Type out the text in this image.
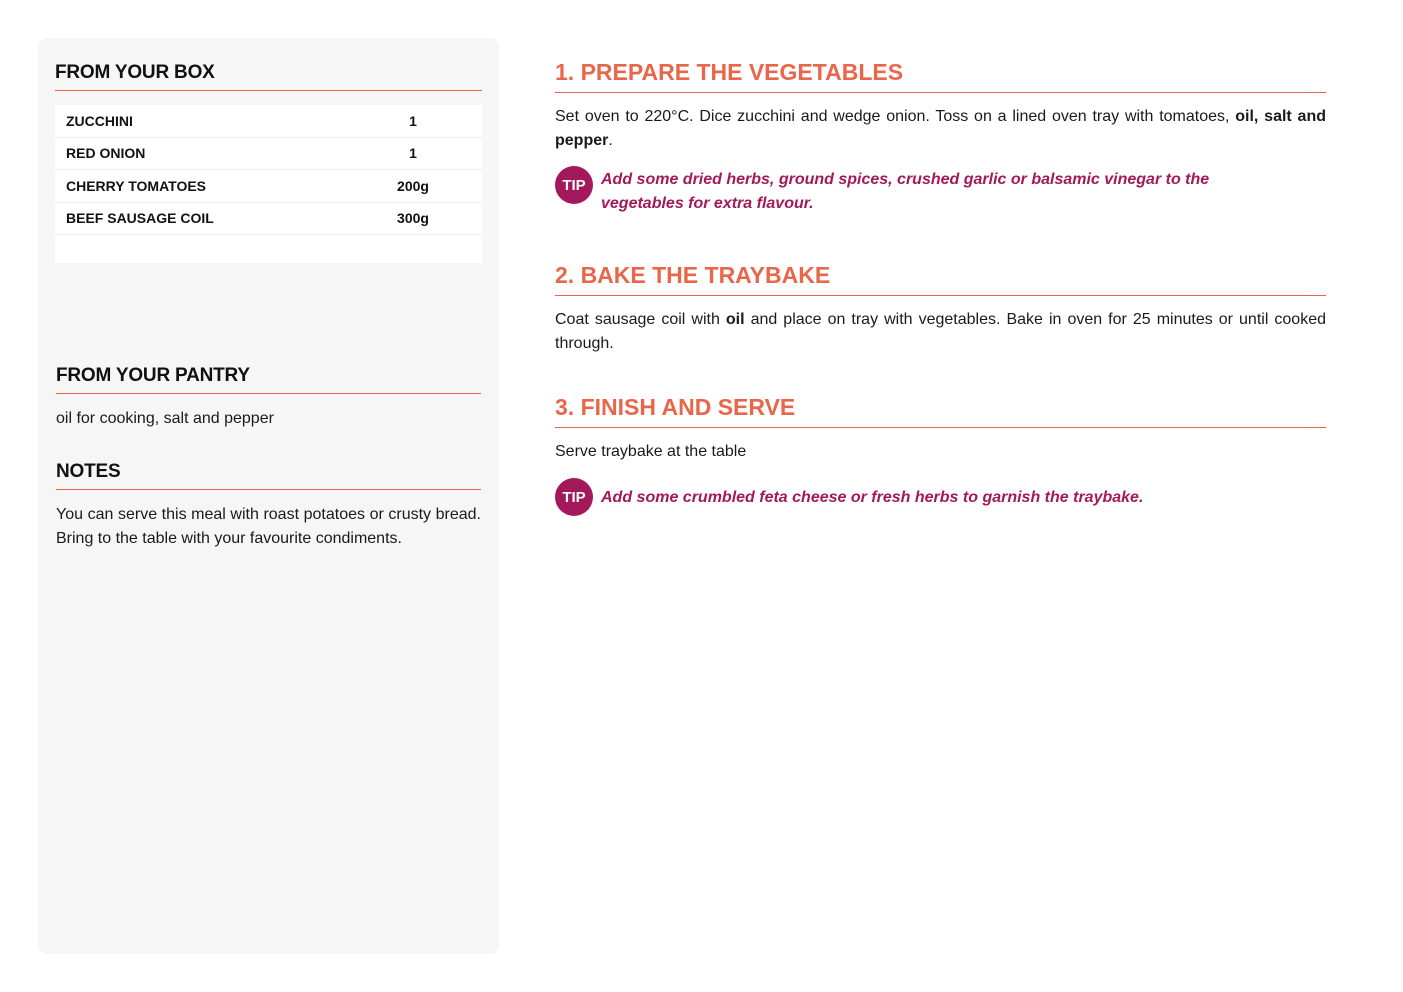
FROM YOUR BOX
ZUCCHINI	1
RED ONION	1
CHERRY TOMATOES	200g
BEEF SAUSAGE COIL	300g
FROM YOUR PANTRY
oil for cooking, salt and pepper
NOTES
You can serve this meal with roast potatoes or crusty bread. Bring to the table with your favourite condiments.
1. PREPARE THE VEGETABLES
Set oven to 220°C. Dice zucchini and wedge onion. Toss on a lined oven tray with tomatoes, oil, salt and pepper.
TIP Add some dried herbs, ground spices, crushed garlic or balsamic vinegar to the vegetables for extra flavour.
2. BAKE THE TRAYBAKE
Coat sausage coil with oil and place on tray with vegetables. Bake in oven for 25 minutes or until cooked through.
3. FINISH AND SERVE
Serve traybake at the table
TIP Add some crumbled feta cheese or fresh herbs to garnish the traybake.
